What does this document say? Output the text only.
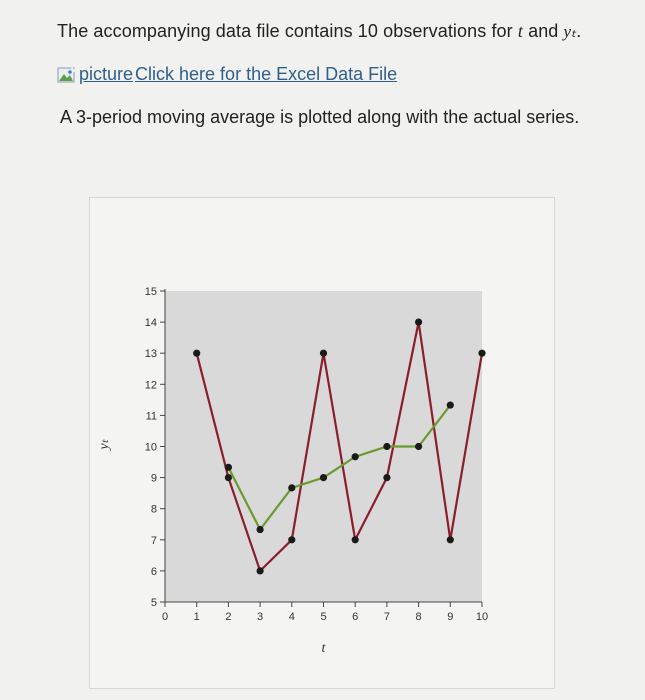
The accompanying data file contains 10 observations for t and yₜ.
picture Click here for the Excel Data File
A 3-period moving average is plotted along with the actual series.
5
6
7
8
9
10
11
12
13
14
15
0 1 2 3 4 5 6 7 8 9 10
t
yₜ
